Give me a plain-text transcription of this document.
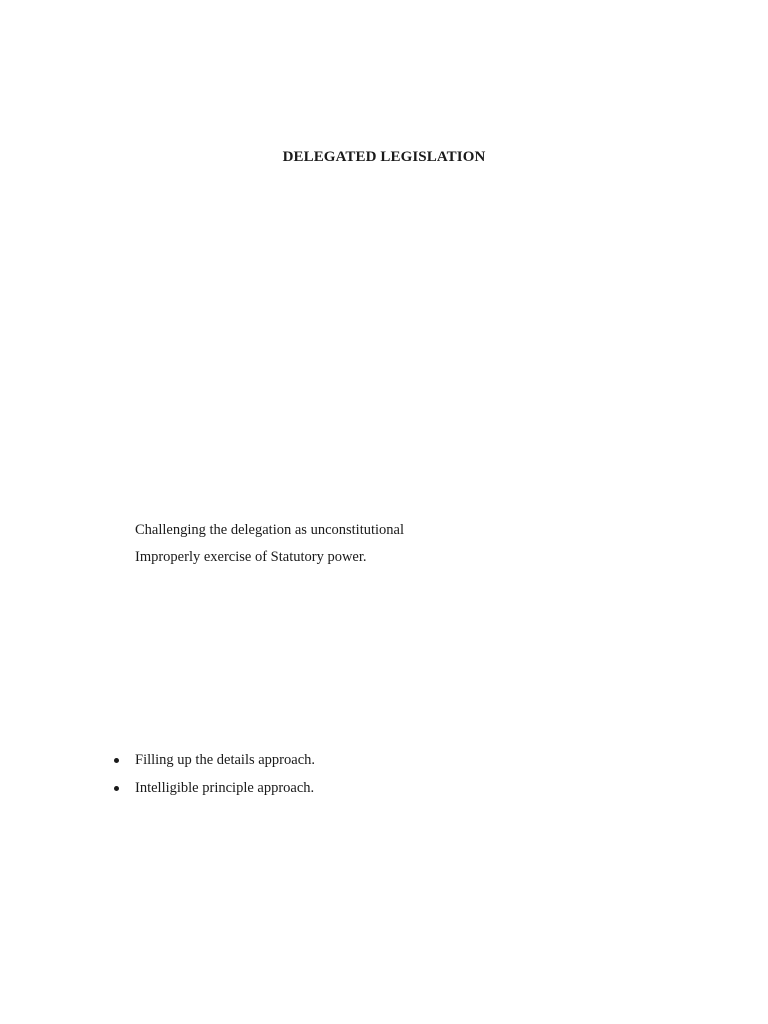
DELEGATED LEGISLATION
Challenging the delegation as unconstitutional
Improperly exercise of Statutory power.
Filling up the details approach.
Intelligible principle approach.
